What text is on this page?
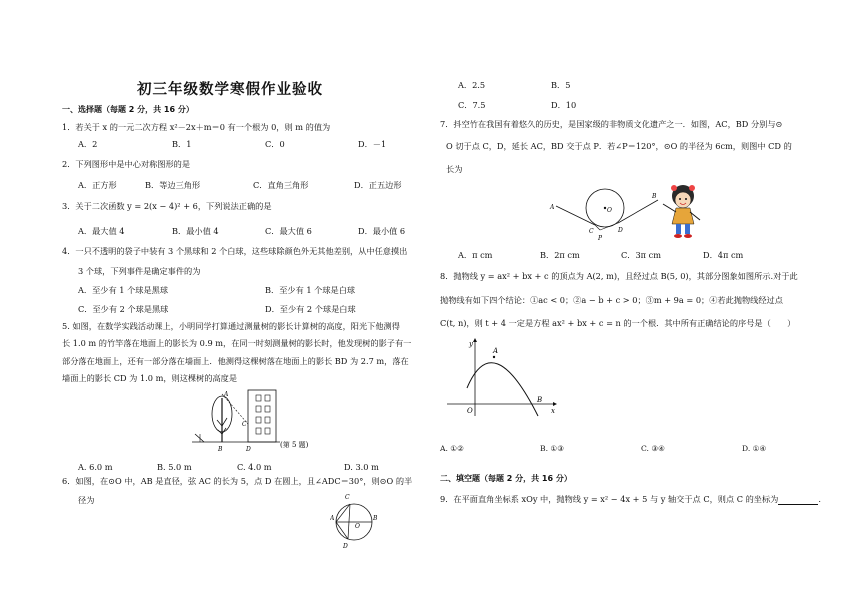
初三年级数学寒假作业验收
一、选择题（每题 2 分，共 16 分）
1．若关于 x 的一元二次方程 x²－2x＋m＝0 有一个根为 0，则 m 的值为
A．2	B．1	C．0	D．－1
2．下列图形中是中心对称图形的是
A．正方形	B．等边三角形	C．直角三角形	D．正五边形
3．关于二次函数 y = 2(x − 4)² + 6，下列说法正确的是
A．最大值 4	B．最小值 4	C．最大值 6	D．最小值 6
4．一只不透明的袋子中装有 3 个黑球和 2 个白球，这些球除颜色外无其他差别，从中任意摸出
3 个球，下列事件是确定事件的为
A．至少有 1 个球是黑球	B．至少有 1 个球是白球
C．至少有 2 个球是黑球	D．至少有 2 个球是白球
5. 如图，在数学实践活动课上，小明同学打算通过测量树的影长计算树的高度，阳光下他测得
长 1.0 m 的竹竿落在地面上的影长为 0.9 m，在同一时刻测量树的影长时，他发现树的影子有一
部分落在地面上，还有一部分落在墙面上．他测得这棵树落在地面上的影长 BD 为 2.7 m，落在
墙面上的影长 CD 为 1.0 m，则这棵树的高度是
A
B
C
D
(第 5 题)
A. 6.0 m	B. 5.0 m	C. 4.0 m	D. 3.0 m
6．如图，在⊙O 中，AB 是直径，弦 AC 的长为 5，点 D 在圆上，且∠ADC＝30°，则⊙O 的半
径为	C
A	B
O
D
A．2.5	B．5
C．7.5	D．10
7．抖空竹在我国有着悠久的历史，是国家级的非物质文化遗产之一．如图，AC，BD 分别与⊙
O 切于点 C，D，延长 AC，BD 交于点 P．若∠P＝120°，⊙O 的半径为 6cm，则图中 CD 的
长为
A
C
P
D
O
B
A．π cm	B．2π cm	C．3π cm	D．4π cm
8．抛物线 y = ax² + bx + c 的顶点为 A(2, m)，且经过点 B(5, 0)，其部分图象如图所示.对于此
抛物线有如下四个结论：①ac < 0；②a − b + c > 0；③m + 9a = 0；④若此抛物线经过点
C(t, n)，则 t + 4 一定是方程 ax² + bx + c = n 的一个根．其中所有正确结论的序号是（　　）
y
x
O
A
B
A. ①②	B. ①③	C. ③④	D. ①④
二、填空题（每题 2 分，共 16 分）
9．在平面直角坐标系 xOy 中，抛物线 y = x² − 4x + 5 与 y 轴交于点 C，则点 C 的坐标为	.
